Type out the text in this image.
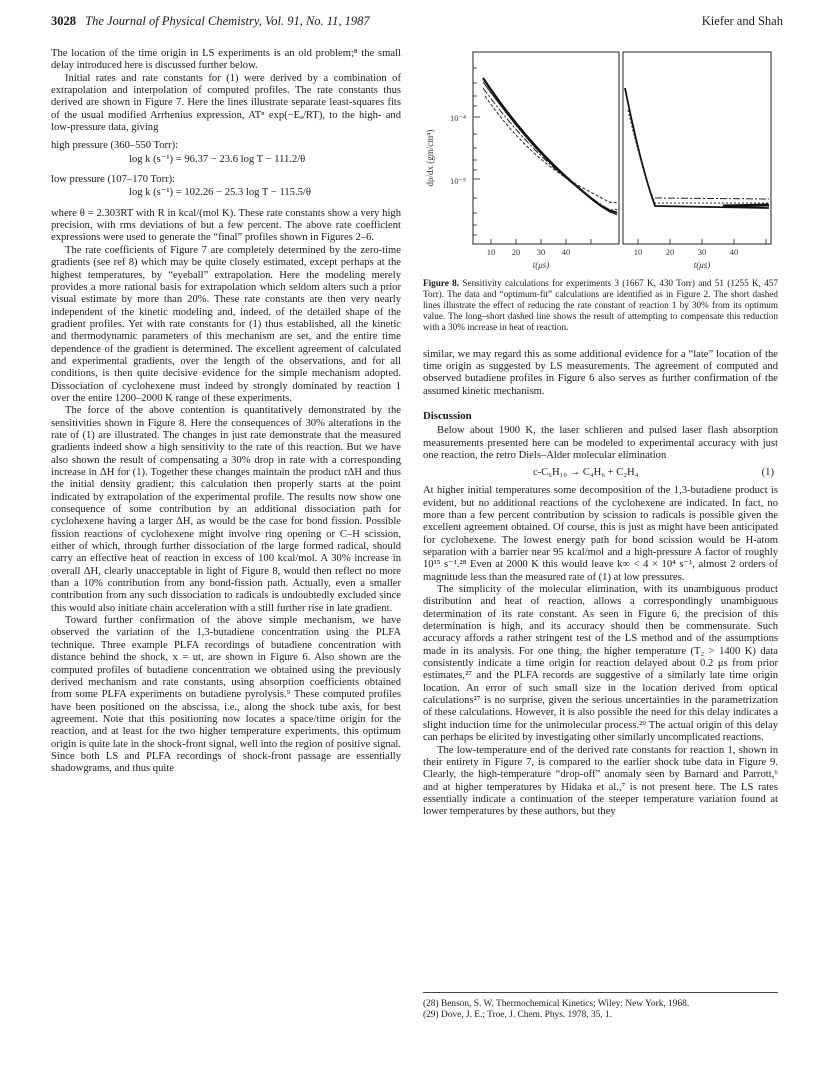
3028 The Journal of Physical Chemistry, Vol. 91, No. 11, 1987	Kiefer and Shah

The location of the time origin in LS experiments is an old problem;⁸ the small delay introduced here is discussed further below.

Initial rates and rate constants for (1) were derived by a combination of extrapolation and interpolation of computed profiles. The rate constants thus derived are shown in Figure 7. Here the lines illustrate separate least-squares fits of the usual modified Arrhenius expression, ATⁿ exp(−Eₐ/RT), to the high- and low-pressure data, giving

high pressure (360–550 Torr):

log k (s⁻¹) = 96.37 − 23.6 log T − 111.2/θ

low pressure (107–170 Torr):

log k (s⁻¹) = 102.26 − 25.3 log T − 115.5/θ

where θ = 2.303RT with R in kcal/(mol K). These rate constants show a very high precision, with rms deviations of but a few percent. The above rate coefficient expressions were used to generate the “final” profiles shown in Figures 2–6.

The rate coefficients of Figure 7 are completely determined by the zero-time gradients (see ref 8) which may be quite closely estimated, except perhaps at the highest temperatures, by “eyeball” extrapolation. Here the modeling merely provides a more rational basis for extrapolation which seldom alters such a prior visual estimate by more than 20%. These rate constants are then very nearly independent of the kinetic modeling and, indeed, of the detailed shape of the gradient profiles. Yet with rate constants for (1) thus established, all the kinetic and thermodynamic parameters of this mechanism are set, and the entire time dependence of the gradient is determined. The excellent agreement of calculated and experimental gradients, over the length of the observations, and for all conditions, is then quite decisive evidence for the simple mechanism adopted. Dissociation of cyclohexene must indeed by strongly dominated by reaction 1 over the entire 1200–2000 K range of these experiments.

The force of the above contention is quantitatively demonstrated by the sensitivities shown in Figure 8. Here the consequences of 30% alterations in the rate of (1) are illustrated. The changes in just rate demonstrate that the measured gradients indeed show a high sensitivity to the rate of this reaction. But we have also shown the result of compensating a 30% drop in rate with a corresponding increase in ΔH for (1). Together these changes maintain the product rΔH and thus the initial density gradient; this calculation then properly starts at the point indicated by extrapolation of the experimental profile. The results now show one consequence of some contribution by an additional dissociation path for cyclohexene having a larger ΔH, as would be the case for bond fission. Possible fission reactions of cyclohexene might involve ring opening or C–H scission, either of which, through further dissociation of the large formed radical, should carry an effective heat of reaction in excess of 100 kcal/mol. A 30% increase in overall ΔH, clearly unacceptable in light of Figure 8, would then reflect no more than a 10% contribution from any bond-fission path. Actually, even a smaller contribution from any such dissociation to radicals is undoubtedly excluded since this would also initiate chain acceleration with a still further rise in late gradient.

Toward further confirmation of the above simple mechanism, we have observed the variation of the 1,3-butadiene concentration using the PLFA technique. Three example PLFA recordings of butadiene concentration with distance behind the shock, x = ut, are shown in Figure 6. Also shown are the computed profiles of butadiene concentration we obtained using the previously derived mechanism and rate constants, using absorption coefficients obtained from some PLFA experiments on butadiene pyrolysis.⁹ These computed profiles have been positioned on the abscissa, i.e., along the shock tube axis, for best agreement. Note that this positioning now locates a space/time origin for the reaction, and at least for the two higher temperature experiments, this optimum origin is quite late in the shock-front signal, well into the region of positive signal. Since both LS and PLFA recordings of shock-front passage are essentially shadowgrams, and thus quite

dρ/dx (gm/cm⁴)
10⁻⁴
10⁻⁵
10 20 30 40	10	20	30	40
t(μs)	t(μs)

Figure 8. Sensitivity calculations for experiments 3 (1667 K, 430 Torr) and 51 (1255 K, 457 Torr). The data and “optimum-fit” calculations are identified as in Figure 2. The short dashed lines illustrate the effect of reducing the rate constant of reaction 1 by 30% from its optimum value. The long–short dashed line shows the result of attempting to compensate this reduction with a 30% increase in heat of reaction.

similar, we may regard this as some additional evidence for a “late” location of the time origin as suggested by LS measurements. The agreement of computed and observed butadiene profiles in Figure 6 also serves as further confirmation of the assumed kinetic mechanism.

Discussion

Below about 1900 K, the laser schlieren and pulsed laser flash absorption measurements presented here can be modeled to experimental accuracy with just one reaction, the retro Diels–Alder molecular elimination

c-C₆H₁₀ → C₄H₆ + C₂H₄	(1)

At higher initial temperatures some decomposition of the 1,3-butadiene product is evident, but no additional reactions of the cyclohexene are indicated. In fact, no more than a few percent contribution by scission to radicals is possible given the excellent agreement obtained. Of course, this is just as might have been anticipated for cyclohexene. The lowest energy path for bond scission would be H-atom separation with a barrier near 95 kcal/mol and a high-pressure A factor of roughly 10¹⁵ s⁻¹.²⁸ Even at 2000 K this would leave k∞ < 4 × 10⁴ s⁻¹, almost 2 orders of magnitude less than the measured rate of (1) at low pressures.

The simplicity of the molecular elimination, with its unambiguous product distribution and heat of reaction, allows a correspondingly unambiguous determination of its rate constant. As seen in Figure 6, the precision of this determination is high, and its accuracy should then be commensurate. Such accuracy affords a rather stringent test of the LS method and of the assumptions made in its analysis. For one thing, the higher temperature (T₂ > 1400 K) data consistently indicate a time origin for reaction delayed about 0.2 μs from prior estimates,²⁷ and the PLFA records are suggestive of a similarly late time origin location. An error of such small size in the location derived from optical calculations²⁷ is no surprise, given the serious uncertainties in the parametrization of these calculations. However, it is also possible the need for this delay indicates a slight induction time for the unimolecular process.²⁹ The actual origin of this delay can perhaps be elicited by investigating other similarly uncomplicated reactions.

The low-temperature end of the derived rate constants for reaction 1, shown in their entirety in Figure 7, is compared to the earlier shock tube data in Figure 9. Clearly, the high-temperature “drop-off” anomaly seen by Barnard and Parrott,⁶ and at higher temperatures by Hidaka et al.,⁷ is not present here. The LS rates essentially indicate a continuation of the steeper temperature variation found at lower temperatures by these authors, but they

(28) Benson, S. W. Thermochemical Kinetics; Wiley: New York, 1968.
(29) Dove, J. E.; Troe, J. Chem. Phys. 1978, 35, 1.
